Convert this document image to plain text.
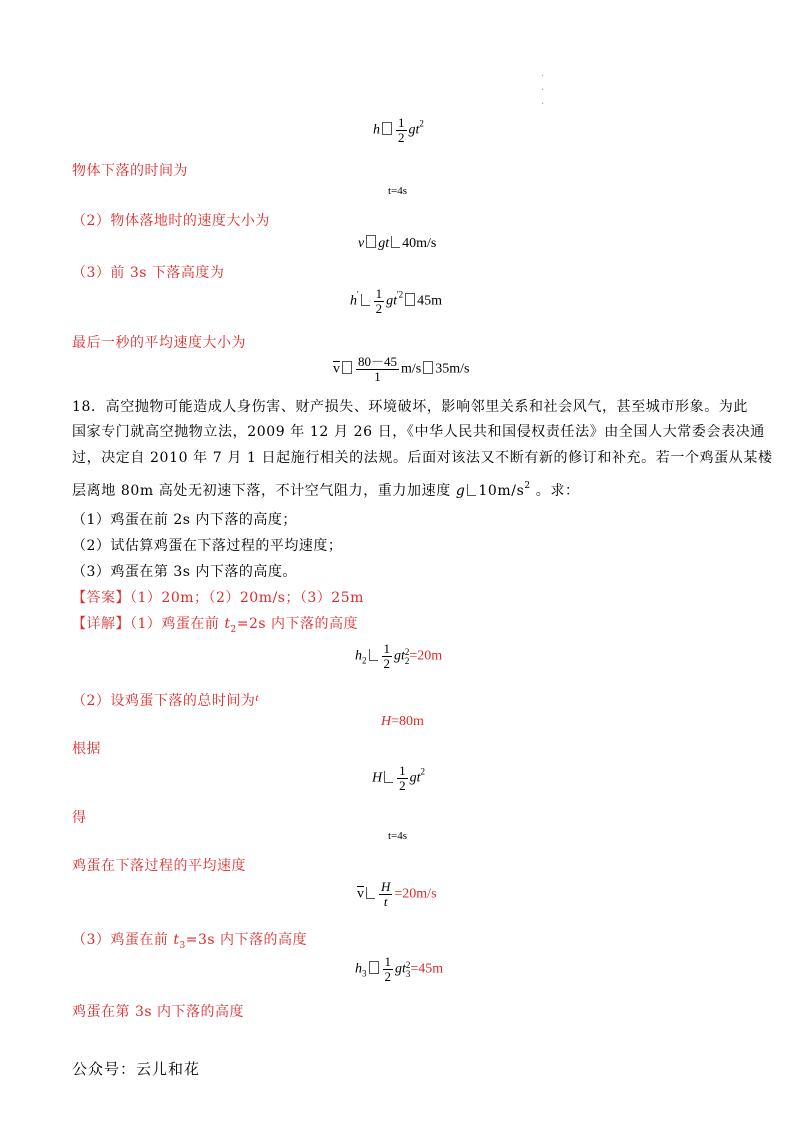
·
·
·
h $\frac{1}{2} gt^2$
物体下落的时间为
t=4s
（2）物体落地时的速度大小为
v gt 40m/s
（3）前 3s 下落高度为
$h' \frac{1}{2} gt^{'2}$ 45m
最后一秒的平均速度大小为
$\overline{v} \frac{80-45}{1} m/s$ 35m/s
18．高空抛物可能造成人身伤害、财产损失、环境破坏，影响邻里关系和社会风气，甚至城市形象。为此
国家专门就高空抛物立法，2009 年 12 月 26 日，《中华人民共和国侵权责任法》由全国人大常委会表决通
过，决定自 2010 年 7 月 1 日起施行相关的法规。后面对该法又不断有新的修订和补充。若一个鸡蛋从某楼
层离地 80m 高处无初速下落，不计空气阻力，重力加速度 g $10m/s^2$ 。求：
（1）鸡蛋在前 2s 内下落的高度；
（2）试估算鸡蛋在下落过程的平均速度；
（3）鸡蛋在第 3s 内下落的高度。
【答案】（1）20m；（2）20m/s；（3）25m
【详解】（1）鸡蛋在前 $t_2=2s$ 内下落的高度
$h_2 \frac{1}{2}$ gt 2
2 =20m
（2）设鸡蛋下落的总时间为$^t$
H=80m
根据
H $\frac{1}{2} gt^2$
得
t=4s
鸡蛋在下落过程的平均速度
$\overline{v} \frac{H}{t} =20m/s$
（3）鸡蛋在前 $t_3=3s$ 内下落的高度
$h_3 \frac{1}{2}$ gt 2
3 =45m
鸡蛋在第 3s 内下落的高度
公众号：云儿和花
